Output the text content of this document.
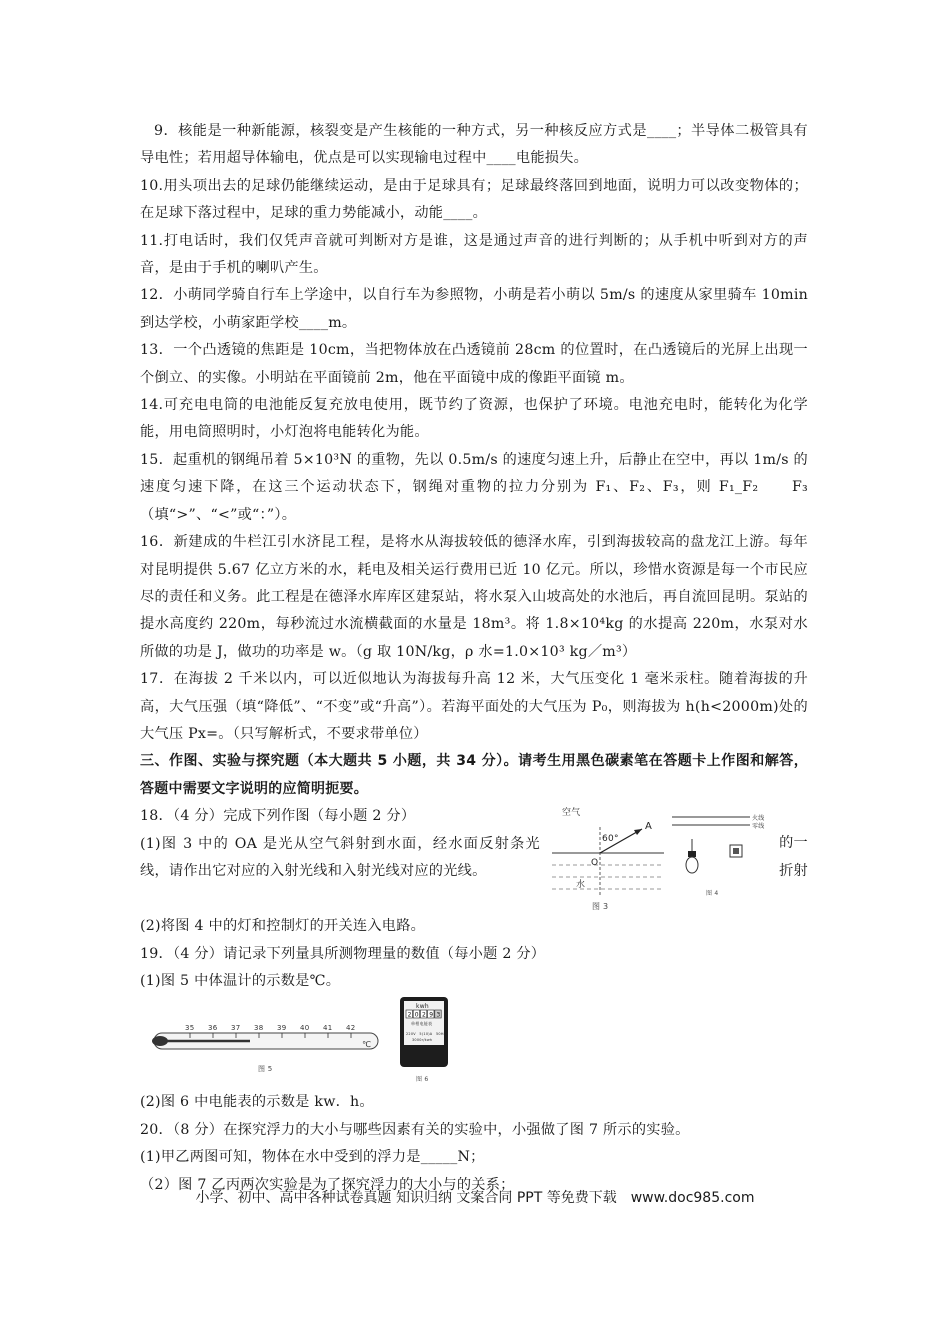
9．核能是一种新能源，核裂变是产生核能的一种方式，另一种核反应方式是____；半导体二极管具有导电性；若用超导体输电，优点是可以实现输电过程中____电能损失。

10.用头项出去的足球仍能继续运动，是由于足球具有；足球最终落回到地面，说明力可以改变物体的；在足球下落过程中，足球的重力势能减小，动能____。

11.打电话时，我们仅凭声音就可判断对方是谁，这是通过声音的进行判断的；从手机中听到对方的声音，是由于手机的喇叭产生。

12．小萌同学骑自行车上学途中，以自行车为参照物，小萌是若小萌以 5m/s 的速度从家里骑车 10min 到达学校，小萌家距学校____m。

13．一个凸透镜的焦距是 10cm，当把物体放在凸透镜前 28cm 的位置时，在凸透镜后的光屏上出现一个倒立、的实像。小明站在平面镜前 2m，他在平面镜中成的像距平面镜 m。

14.可充电电筒的电池能反复充放电使用，既节约了资源，也保护了环境。电池充电时，能转化为化学能，用电筒照明时，小灯泡将电能转化为能。

15．起重机的钢绳吊着 5×10³N 的重物，先以 0.5m/s 的速度匀速上升，后静止在空中，再以 1m/s 的速度匀速下降，在这三个运动状态下，钢绳对重物的拉力分别为 F₁、F₂、F₃，则 F₁_F₂　　F₃（填“>”、“<”或“：”）。

16．新建成的牛栏江引水济昆工程，是将水从海拔较低的德泽水库，引到海拔较高的盘龙江上游。每年对昆明提供 5.67 亿立方米的水，耗电及相关运行费用已近 10 亿元。所以，珍惜水资源是每一个市民应尽的责任和义务。此工程是在德泽水库库区建泵站，将水泵入山坡高处的水池后，再自流回昆明。泵站的提水高度约 220m，每秒流过水流横截面的水量是 18m³。将 1.8×10⁴kg 的水提高 220m，水泵对水所做的功是 J，做功的功率是 w。（g 取 10N/kg，ρ 水=1.0×10³ kg／m³）

17．在海拔 2 千米以内，可以近似地认为海拔每升高 12 米，大气压变化 1 毫米汞柱。随着海拔的升高，大气压强（填“降低”、“不变”或“升高”）。若海平面处的大气压为 P₀，则海拔为 h(h<2000m)处的大气压 Px=。（只写解析式，不要求带单位）

三、作图、实验与探究题（本大题共 5 小题，共 34 分）。请考生用黑色碳素笔在答题卡上作图和解答，答题中需要文字说明的应简明扼要。

18．（4 分）完成下列作图（每小题 2 分）

(1)图 3 中的 OA 是光从空气斜射到水面，经水面反射条光线，请作出它对应的入射光线和入射光线对应的光线。

空气
A
60°
O
水
图 3
火线
零线
图 4
的一
折射

(2)将图 4 中的灯和控制灯的开关连入电路。

19．（4 分）请记录下列量具所测物理量的数值（每小题 2 分）

(1)图 5 中体温计的示数是℃。

35 36 37 38 39 40 41 42
℃
图 5
kwh
2 0 2 9 3
单相电能表
220V　5(10)A　50Hz
3000r/kwh
图 6

(2)图 6 中电能表的示数是 kw．h。

20．（8 分）在探究浮力的大小与哪些因素有关的实验中，小强做了图 7 所示的实验。

(1)甲乙两图可知，物体在水中受到的浮力是_____N；

（2）图 7 乙丙两次实验是为了探究浮力的大小与的关系；

小学、初中、高中各种试卷真题 知识归纳 文案合同 PPT 等免费下载　www.doc985.com
